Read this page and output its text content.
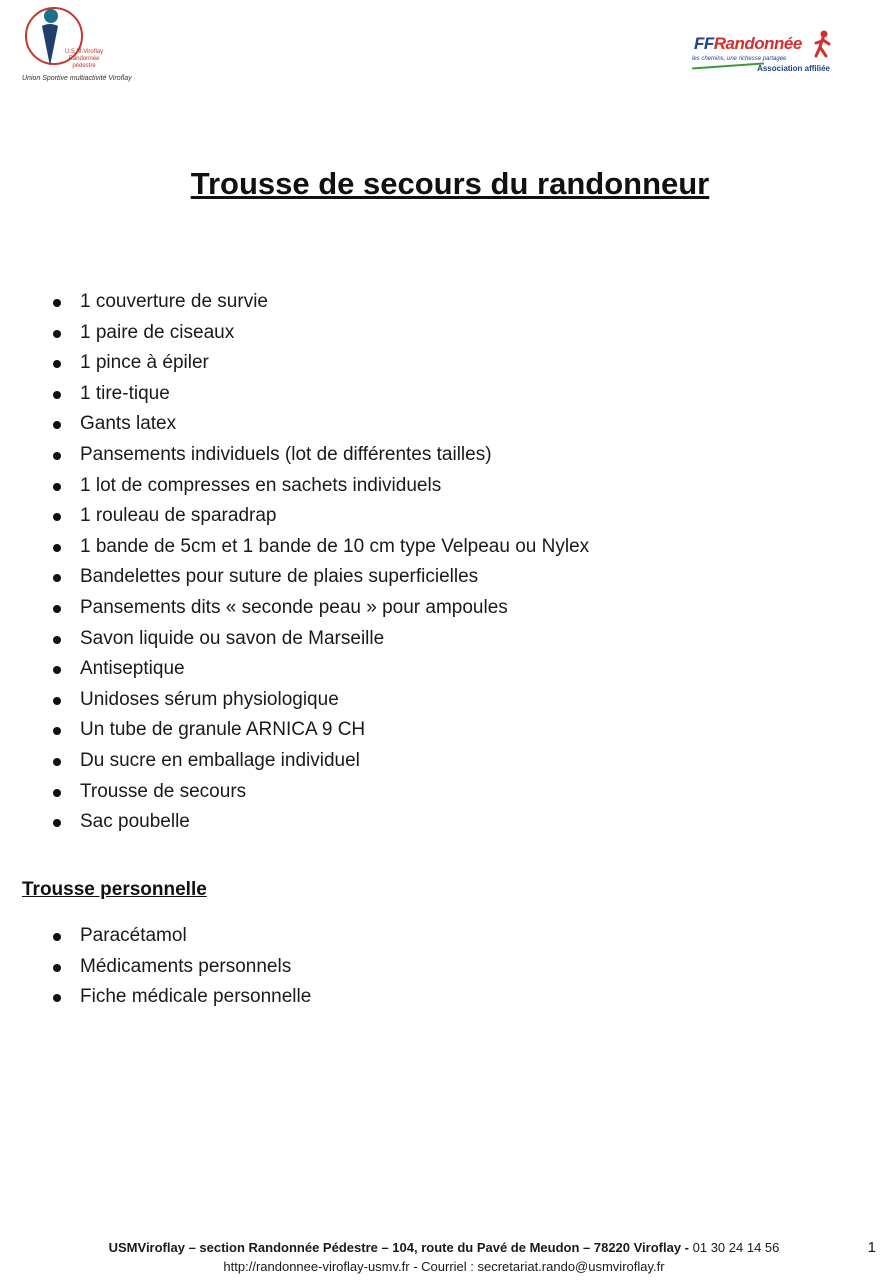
U.S.M.Viroflay
Randonnée
pédestre
Union Sportive multiactivité Viroflay
FFRandonnée
les chemins, une richesse partagée
Association affiliée
Trousse de secours du randonneur
1 couverture de survie
1 paire de ciseaux
1 pince à épiler
1 tire-tique
Gants latex
Pansements individuels (lot de différentes tailles)
1 lot de compresses en sachets individuels
1 rouleau de sparadrap
1 bande de 5cm et 1 bande de 10 cm type Velpeau ou Nylex
Bandelettes pour suture de plaies superficielles
Pansements dits « seconde peau » pour ampoules
Savon liquide ou savon de Marseille
Antiseptique
Unidoses sérum physiologique
Un tube de granule ARNICA 9 CH
Du sucre en emballage individuel
Trousse de secours
Sac poubelle
Trousse personnelle
Paracétamol
Médicaments personnels
Fiche médicale personnelle
USMViroflay – section Randonnée Pédestre – 104, route du Pavé de Meudon – 78220 Viroflay - 01 30 24 14 56
http://randonnee-viroflay-usmv.fr - Courriel : secretariat.rando@usmviroflay.fr
1
